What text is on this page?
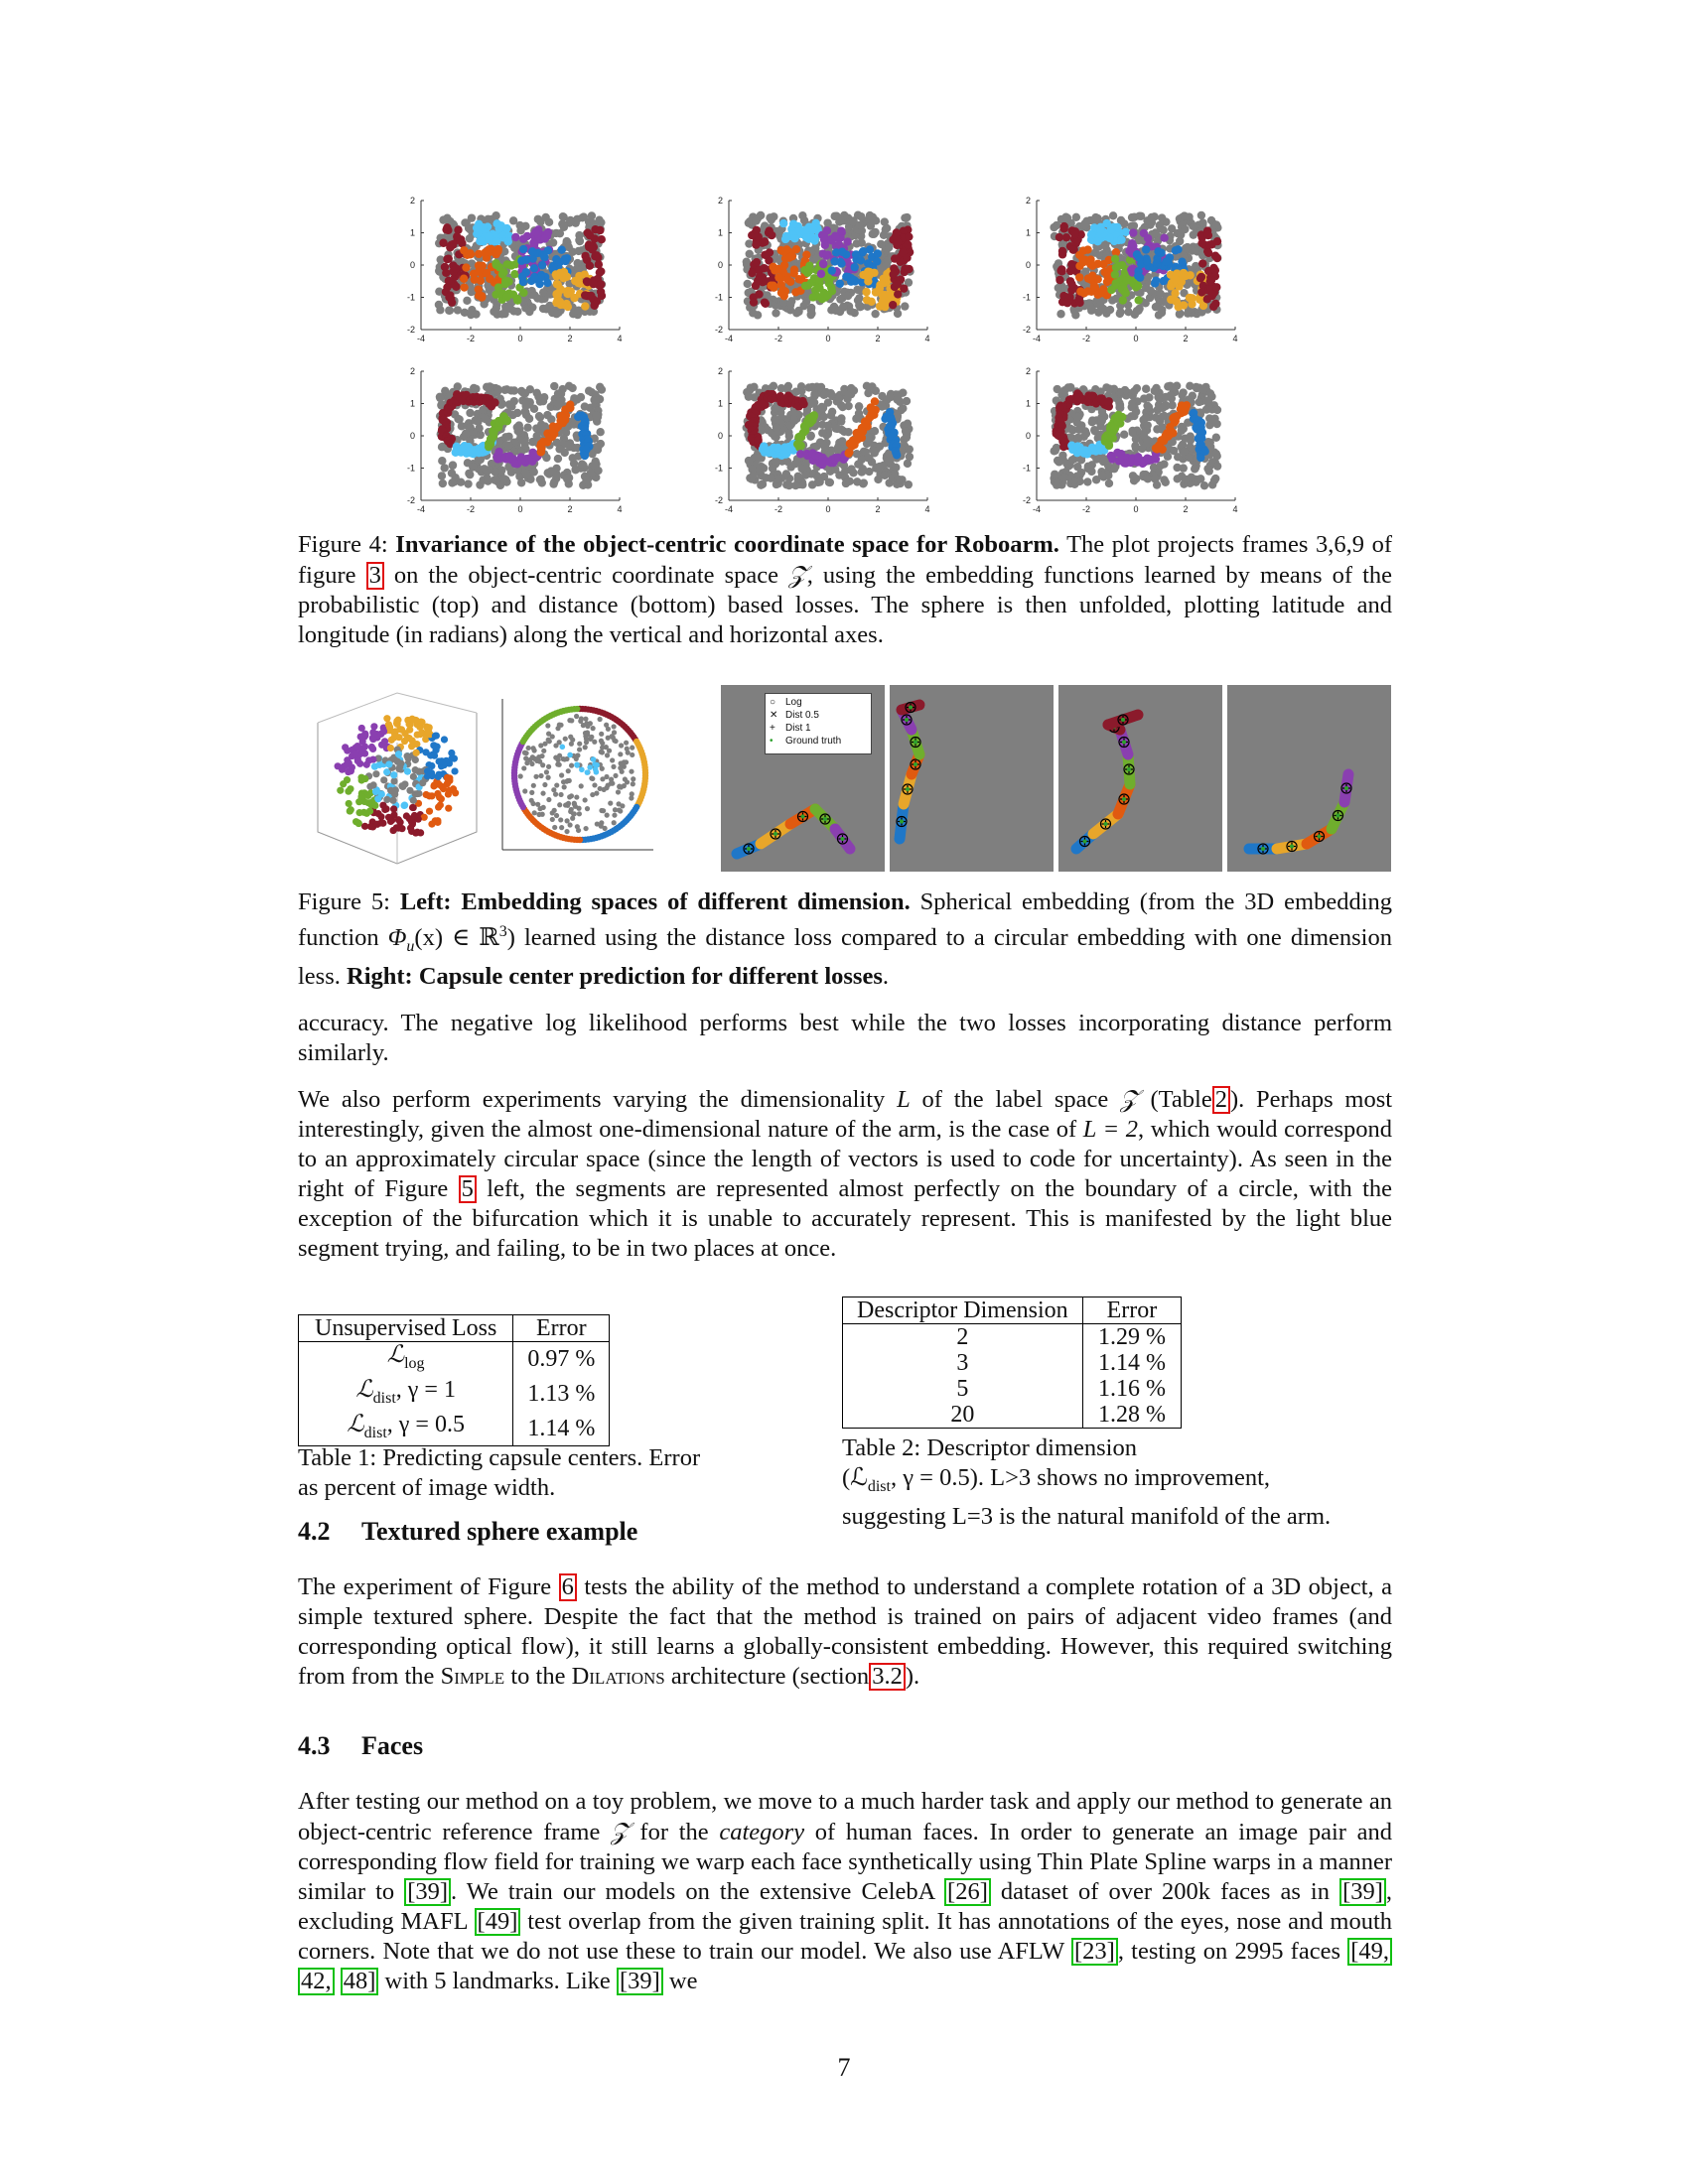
-4	-2	0	2	4
2
1
0
-1
-2
-4	-2	0	2	4
2
1
0
-1
-2
-4	-2	0	2	4
2
1
0
-1
-2
-4	-2	0	2	4
2
1
0
-1
-2
-4	-2	0	2	4
2
1
0
-1
-2
-4	-2	0	2	4
2
1
0
-1
-2
Figure 4: Invariance of the object-centric coordinate space for Roboarm. The plot projects frames 3,6,9 of figure 3 on the object-centric coordinate space 𝒵, using the embedding functions learned by means of the probabilistic (top) and distance (bottom) based losses. The sphere is then unfolded, plotting latitude and longitude (in radians) along the vertical and horizontal axes.
○ Log
✕ Dist 0.5
+ Dist 1
• Ground truth
Figure 5: Left: Embedding spaces of different dimension. Spherical embedding (from the 3D embedding function $\Phi_u(x)$ ∈ ℝ$^3$) learned using the distance loss compared to a circular embedding with one dimension less. Right: Capsule center prediction for different losses.
accuracy. The negative log likelihood performs best while the two losses incorporating distance perform similarly.
We also perform experiments varying the dimensionality L of the label space 𝒵 (Table 2 ). Perhaps most interestingly, given the almost one-dimensional nature of the arm, is the case of L = 2, which would correspond to an approximately circular space (since the length of vectors is used to code for uncertainty). As seen in the right of Figure 5 left, the segments are represented almost perfectly on the boundary of a circle, with the exception of the bifurcation which it is unable to accurately represent. This is manifested by the light blue segment trying, and failing, to be in two places at once.
Unsupervised Loss	Error
ℒ$_{log}$	0.97 %
ℒ$_{dist}$, γ = 1	1.13 %
ℒ$_{dist}$, γ = 0.5	1.14 %
Table 1: Predicting capsule centers. Error as percent of image width.
Descriptor Dimension	Error
2	1.29 %
3	1.14 %
5	1.16 %
20	1.28 %
Table 2: Descriptor dimension
(ℒ$_{dist}$, γ = 0.5). L>3 shows no improvement,
suggesting L=3 is the natural manifold of the arm.
4.2 Textured sphere example
The experiment of Figure 6 tests the ability of the method to understand a complete rotation of a 3D object, a simple textured sphere. Despite the fact that the method is trained on pairs of adjacent video frames (and corresponding optical flow), it still learns a globally-consistent embedding. However, this required switching from from the Simple to the Dilations architecture (section 3.2 ).
4.3 Faces
After testing our method on a toy problem, we move to a much harder task and apply our method to generate an object-centric reference frame 𝒵 for the category of human faces. In order to generate an image pair and corresponding flow field for training we warp each face synthetically using Thin Plate Spline warps in a manner similar to [39] . We train our models on the extensive CelebA [26] dataset of over 200k faces as in [39] , excluding MAFL [49] test overlap from the given training split. It has annotations of the eyes, nose and mouth corners. Note that we do not use these to train our model. We also use AFLW [23] , testing on 2995 faces [49, 42, 48] with 5 landmarks. Like [39] we
7
